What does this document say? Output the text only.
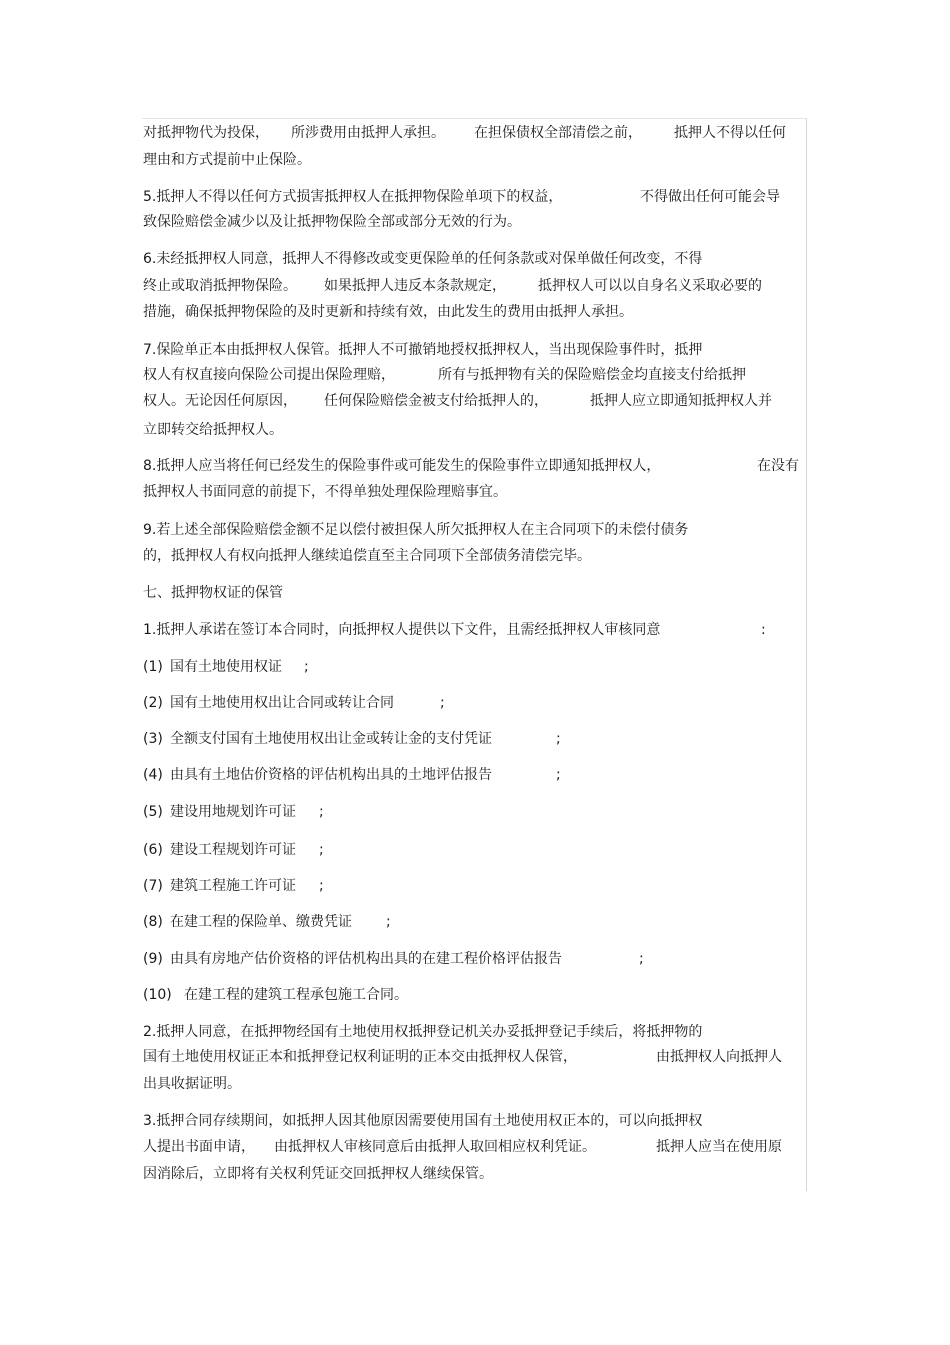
对抵押物代为投保， 所涉费用由抵押人承担。 在担保债权全部清偿之前， 抵押人不得以任何
理由和方式提前中止保险。
5.抵押人不得以任何方式损害抵押权人在抵押物保险单项下的权益，	不得做出任何可能会导
致保险赔偿金减少以及让抵押物保险全部或部分无效的行为。
6.未经抵押权人同意，抵押人不得修改或变更保险单的任何条款或对保单做任何改变，不得
终止或取消抵押物保险。 如果抵押人违反本条款规定， 抵押权人可以以自身名义采取必要的
措施，确保抵押物保险的及时更新和持续有效，由此发生的费用由抵押人承担。
7.保险单正本由抵押权人保管。抵押人不可撤销地授权抵押权人，当出现保险事件时，抵押
权人有权直接向保险公司提出保险理赔，	所有与抵押物有关的保险赔偿金均直接支付给抵押
权人。无论因任何原因， 任何保险赔偿金被支付给抵押人的，	抵押人应立即通知抵押权人并
立即转交给抵押权人。
8.抵押人应当将任何已经发生的保险事件或可能发生的保险事件立即通知抵押权人，	在没有
抵押权人书面同意的前提下，不得单独处理保险理赔事宜。
9.若上述全部保险赔偿金额不足以偿付被担保人所欠抵押权人在主合同项下的未偿付债务
的，抵押权人有权向抵押人继续追偿直至主合同项下全部债务清偿完毕。
七、抵押物权证的保管
1.抵押人承诺在签订本合同时，向抵押权人提供以下文件，且需经抵押权人审核同意	:
(1) 国有土地使用权证 ;
(2) 国有土地使用权出让合同或转让合同	;
(3) 全额支付国有土地使用权出让金或转让金的支付凭证	;
(4) 由具有土地估价资格的评估机构出具的土地评估报告	;
(5) 建设用地规划许可证 ;
(6) 建设工程规划许可证 ;
(7) 建筑工程施工许可证 ;
(8) 在建工程的保险单、缴费凭证 ;
(9) 由具有房地产估价资格的评估机构出具的在建工程价格评估报告	;
(10) 在建工程的建筑工程承包施工合同。
2.抵押人同意，在抵押物经国有土地使用权抵押登记机关办妥抵押登记手续后，将抵押物的
国有土地使用权证正本和抵押登记权利证明的正本交由抵押权人保管，	由抵押权人向抵押人
出具收据证明。
3.抵押合同存续期间，如抵押人因其他原因需要使用国有土地使用权正本的，可以向抵押权
人提出书面申请， 由抵押权人审核同意后由抵押人取回相应权利凭证。	抵押人应当在使用原
因消除后，立即将有关权利凭证交回抵押权人继续保管。
